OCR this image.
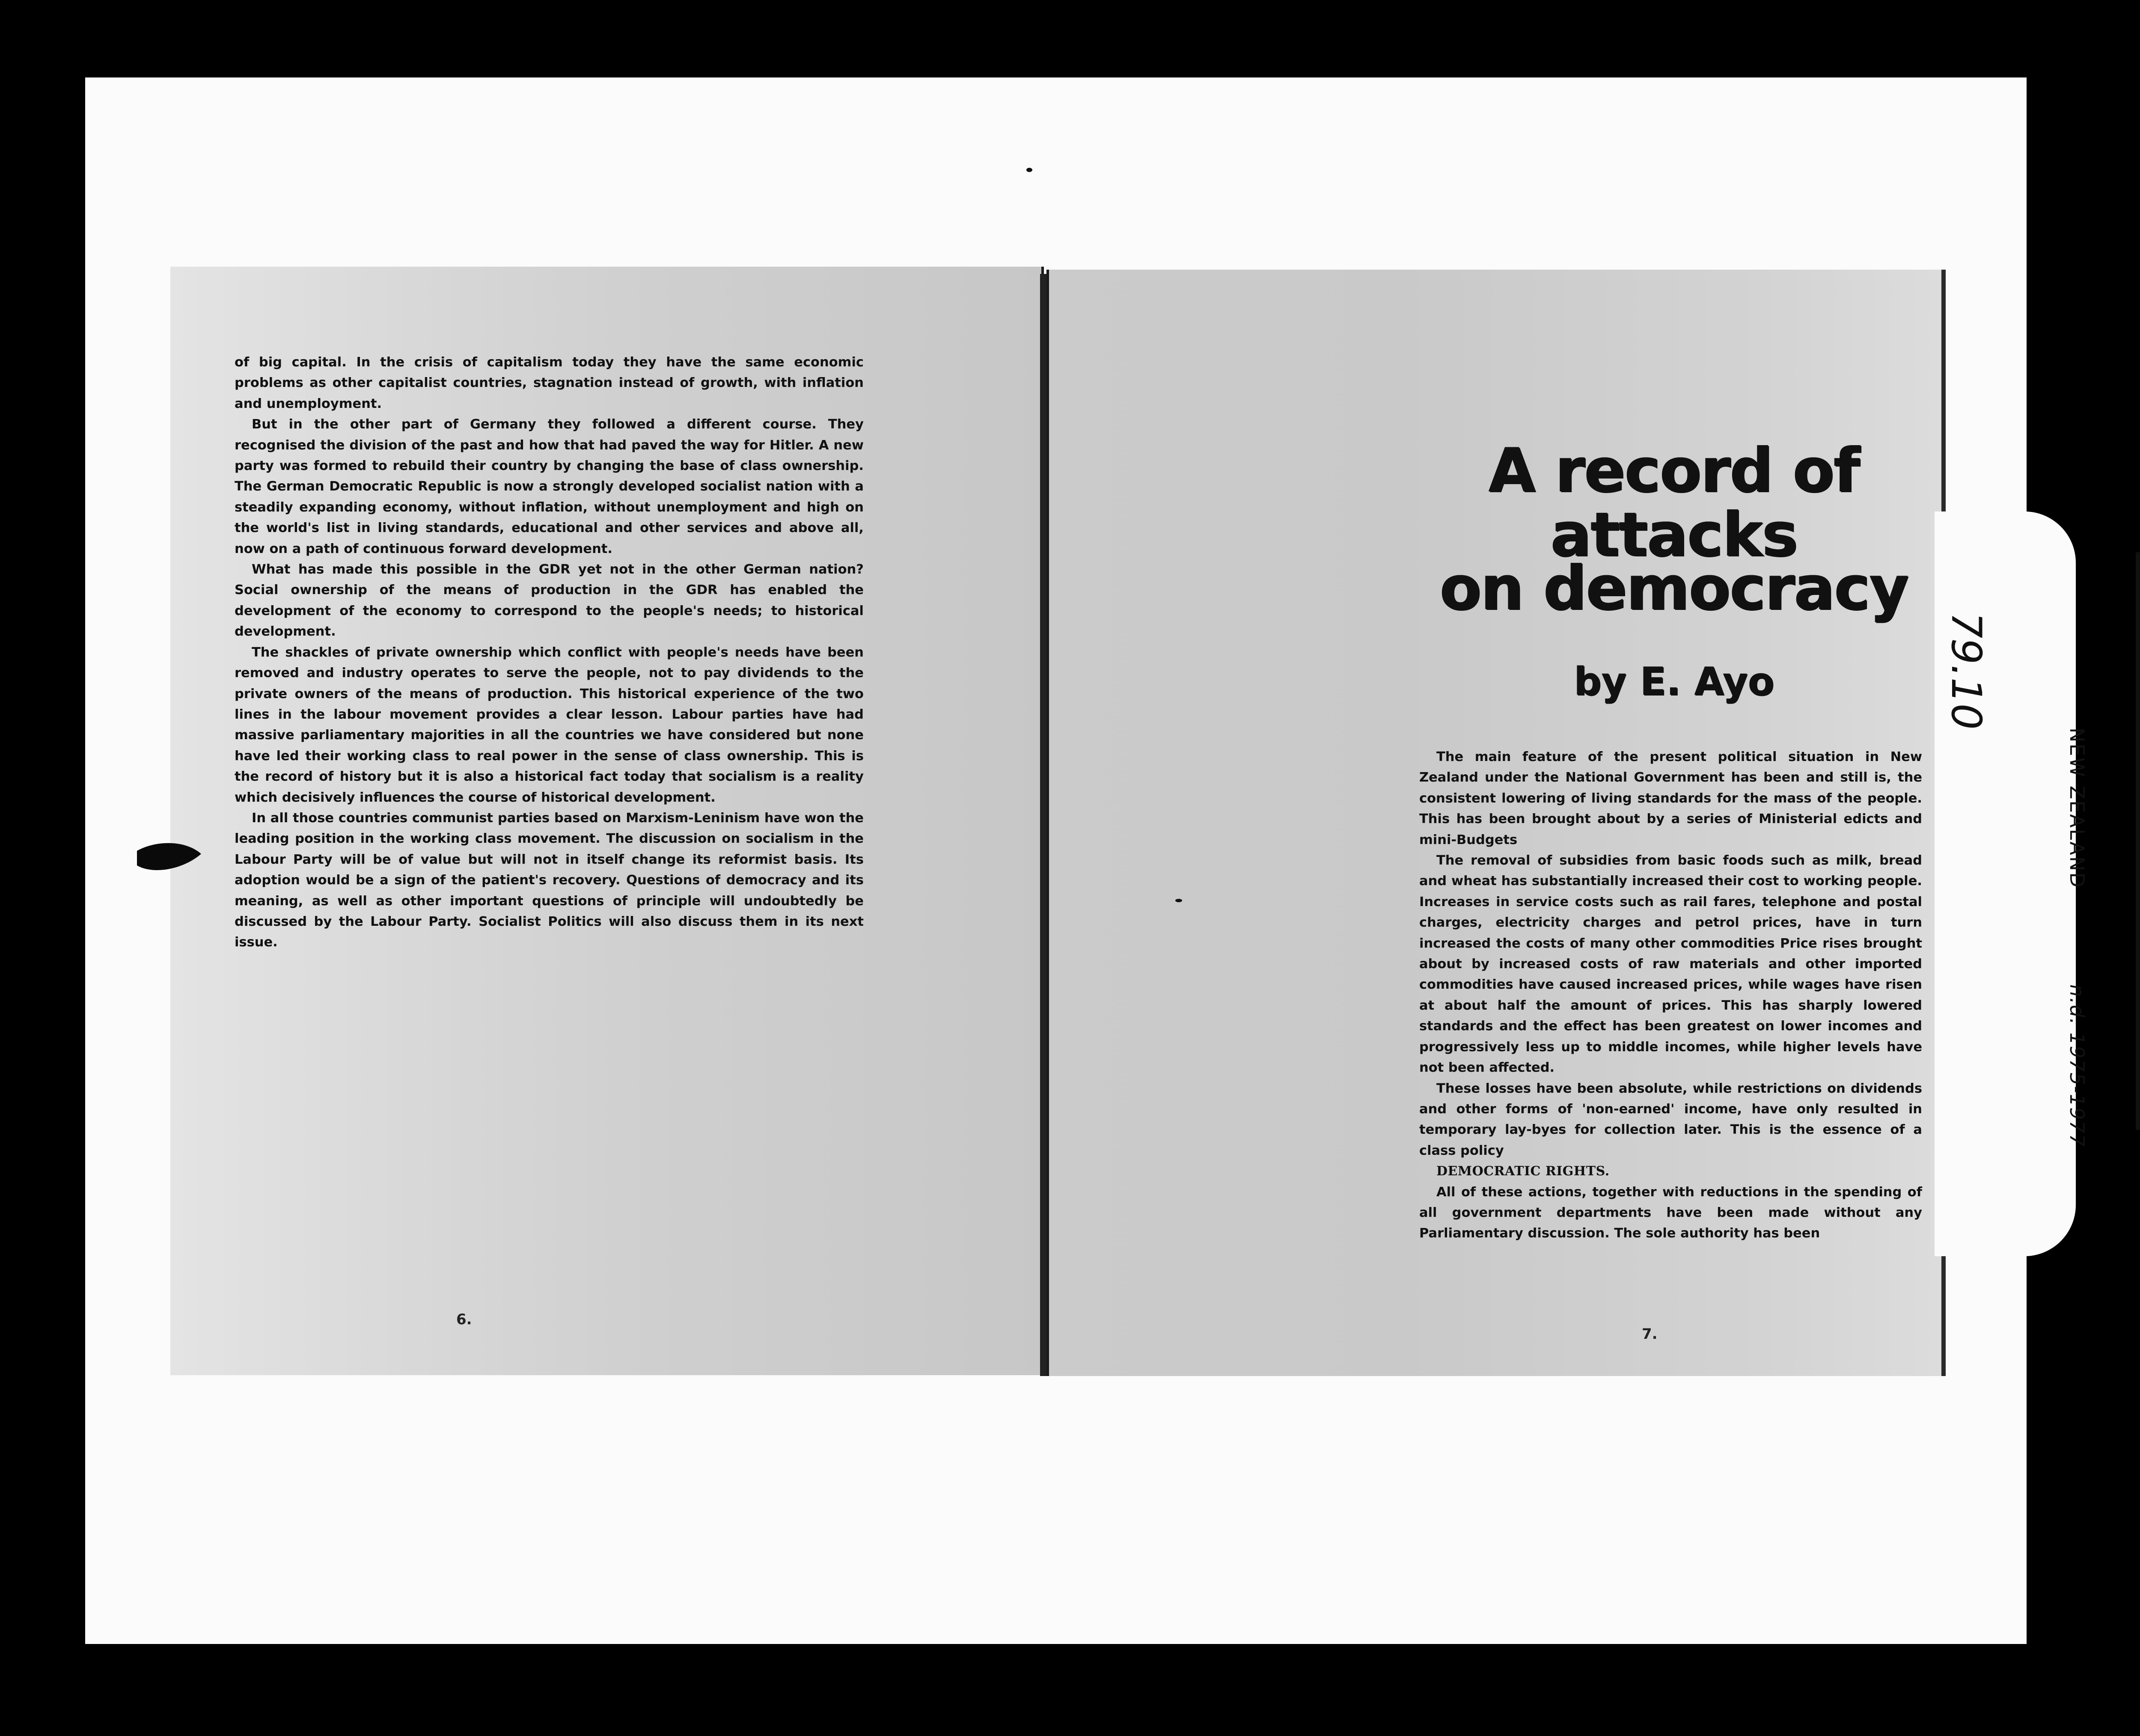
of big capital. In the crisis of capitalism today they have the same economic problems as other capitalist countries, stagnation instead of growth, with inflation and unemployment.

But in the other part of Germany they followed a different course. They recognised the division of the past and how that had paved the way for Hitler. A new party was formed to rebuild their country by changing the base of class ownership. The German Democratic Republic is now a strongly developed socialist nation with a steadily expanding economy, without inflation, without unemployment and high on the world's list in living standards, educational and other services and above all, now on a path of continuous forward development.

What has made this possible in the GDR yet not in the other German nation? Social ownership of the means of production in the GDR has enabled the development of the economy to correspond to the people's needs; to historical development.

The shackles of private ownership which conflict with people's needs have been removed and industry operates to serve the people, not to pay dividends to the private owners of the means of production. This historical experience of the two lines in the labour movement provides a clear lesson. Labour parties have had massive parliamentary majorities in all the countries we have considered but none have led their working class to real power in the sense of class ownership. This is the record of history but it is also a historical fact today that socialism is a reality which decisively influences the course of historical development.

In all those countries communist parties based on Marxism-Leninism have won the leading position in the working class movement. The discussion on socialism in the Labour Party will be of value but will not in itself change its reformist basis. Its adoption would be a sign of the patient's recovery. Questions of democracy and its meaning, as well as other important questions of principle will undoubtedly be discussed by the Labour Party. Socialist Politics will also discuss them in its next issue.

6.
A record of attacks
on democracy
by E. Ayo

The main feature of the present political situation in New Zealand under the National Government has been and still is, the consistent lowering of living standards for the mass of the people. This has been brought about by a series of Ministerial edicts and mini-Budgets

The removal of subsidies from basic foods such as milk, bread and wheat has substantially increased their cost to working people. Increases in service costs such as rail fares, telephone and postal charges, electricity charges and petrol prices, have in turn increased the costs of many other commodities Price rises brought about by increased costs of raw materials and other imported commodities have caused increased prices, while wages have risen at about half the amount of prices. This has sharply lowered standards and the effect has been greatest on lower incomes and progressively less up to middle incomes, while higher levels have not been affected.

These losses have been absolute, while restrictions on dividends and other forms of 'non-earned' income, have only resulted in temporary lay-byes for collection later. This is the essence of a class policy

DEMOCRATIC RIGHTS.

All of these actions, together with reductions in the spending of all government departments have been made without any Parliamentary discussion. The sole authority has been

7.
79.10
NEW ZEALAND
n.d. 1975-1977
